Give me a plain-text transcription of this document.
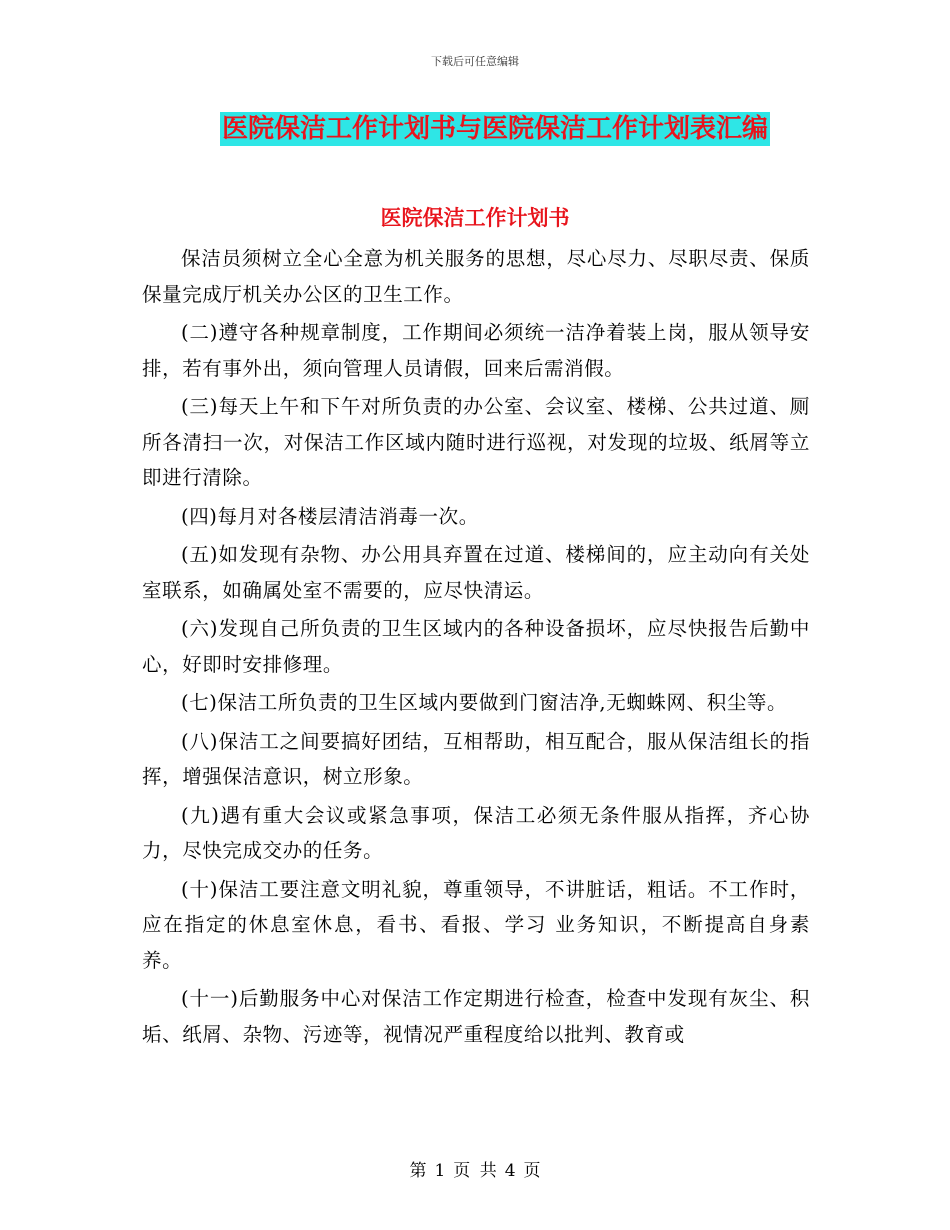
下载后可任意编辑
医院保洁工作计划书与医院保洁工作计划表汇编
医院保洁工作计划书

保洁员须树立全心全意为机关服务的思想，尽心尽力、尽职尽责、保质保量完成厅机关办公区的卫生工作。

(二)遵守各种规章制度，工作期间必须统一洁净着装上岗，服从领导安排，若有事外出，须向管理人员请假，回来后需消假。

(三)每天上午和下午对所负责的办公室、会议室、楼梯、公共过道、厕所各清扫一次，对保洁工作区域内随时进行巡视，对发现的垃圾、纸屑等立即进行清除。

(四)每月对各楼层清洁消毒一次。

(五)如发现有杂物、办公用具弃置在过道、楼梯间的，应主动向有关处室联系，如确属处室不需要的，应尽快清运。

(六)发现自己所负责的卫生区域内的各种设备损坏，应尽快报告后勤中心，好即时安排修理。

(七)保洁工所负责的卫生区域内要做到门窗洁净,无蜘蛛网、积尘等。

(八)保洁工之间要搞好团结，互相帮助，相互配合，服从保洁组长的指挥，增强保洁意识，树立形象。

(九)遇有重大会议或紧急事项，保洁工必须无条件服从指挥，齐心协力，尽快完成交办的任务。

(十)保洁工要注意文明礼貌，尊重领导，不讲脏话，粗话。不工作时，应在指定的休息室休息，看书、看报、学习 业务知识，不断提高自身素养。

(十一)后勤服务中心对保洁工作定期进行检查，检查中发现有灰尘、积垢、纸屑、杂物、污迹等，视情况严重程度给以批判、教育或

第 1 页 共 4 页
